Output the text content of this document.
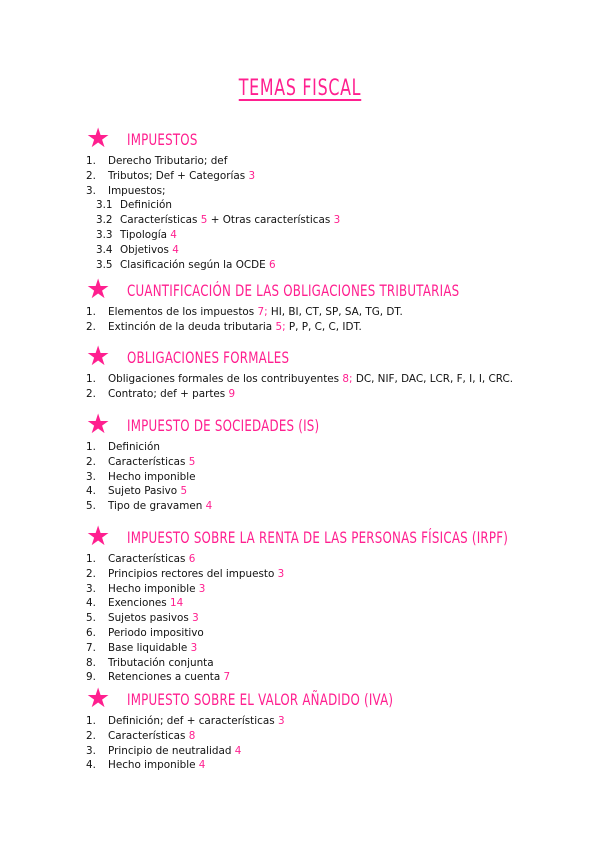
TEMAS FISCAL
★ IMPUESTOS
1. Derecho Tributario; def
2. Tributos; Def + Categorías 3
3. Impuestos;
3.1 Definición
3.2 Características 5 + Otras características 3
3.3 Tipología 4
3.4 Objetivos 4
3.5 Clasificación según la OCDE 6
★ CUANTIFICACIÓN DE LAS OBLIGACIONES TRIBUTARIAS
1. Elementos de los impuestos 7; HI, BI, CT, SP, SA, TG, DT.
2. Extinción de la deuda tributaria 5; P, P, C, C, IDT.
★ OBLIGACIONES FORMALES
1. Obligaciones formales de los contribuyentes 8; DC, NIF, DAC, LCR, F, I, I, CRC.
2. Contrato; def + partes 9
★ IMPUESTO DE SOCIEDADES (IS)
1. Definición
2. Características 5
3. Hecho imponible
4. Sujeto Pasivo 5
5. Tipo de gravamen 4
★ IMPUESTO SOBRE LA RENTA DE LAS PERSONAS FÍSICAS (IRPF)
1. Características 6
2. Principios rectores del impuesto 3
3. Hecho imponible 3
4. Exenciones 14
5. Sujetos pasivos 3
6. Periodo impositivo
7. Base liquidable 3
8. Tributación conjunta
9. Retenciones a cuenta 7
★ IMPUESTO SOBRE EL VALOR AÑADIDO (IVA)
1. Definición; def + características 3
2. Características 8
3. Principio de neutralidad 4
4. Hecho imponible 4
